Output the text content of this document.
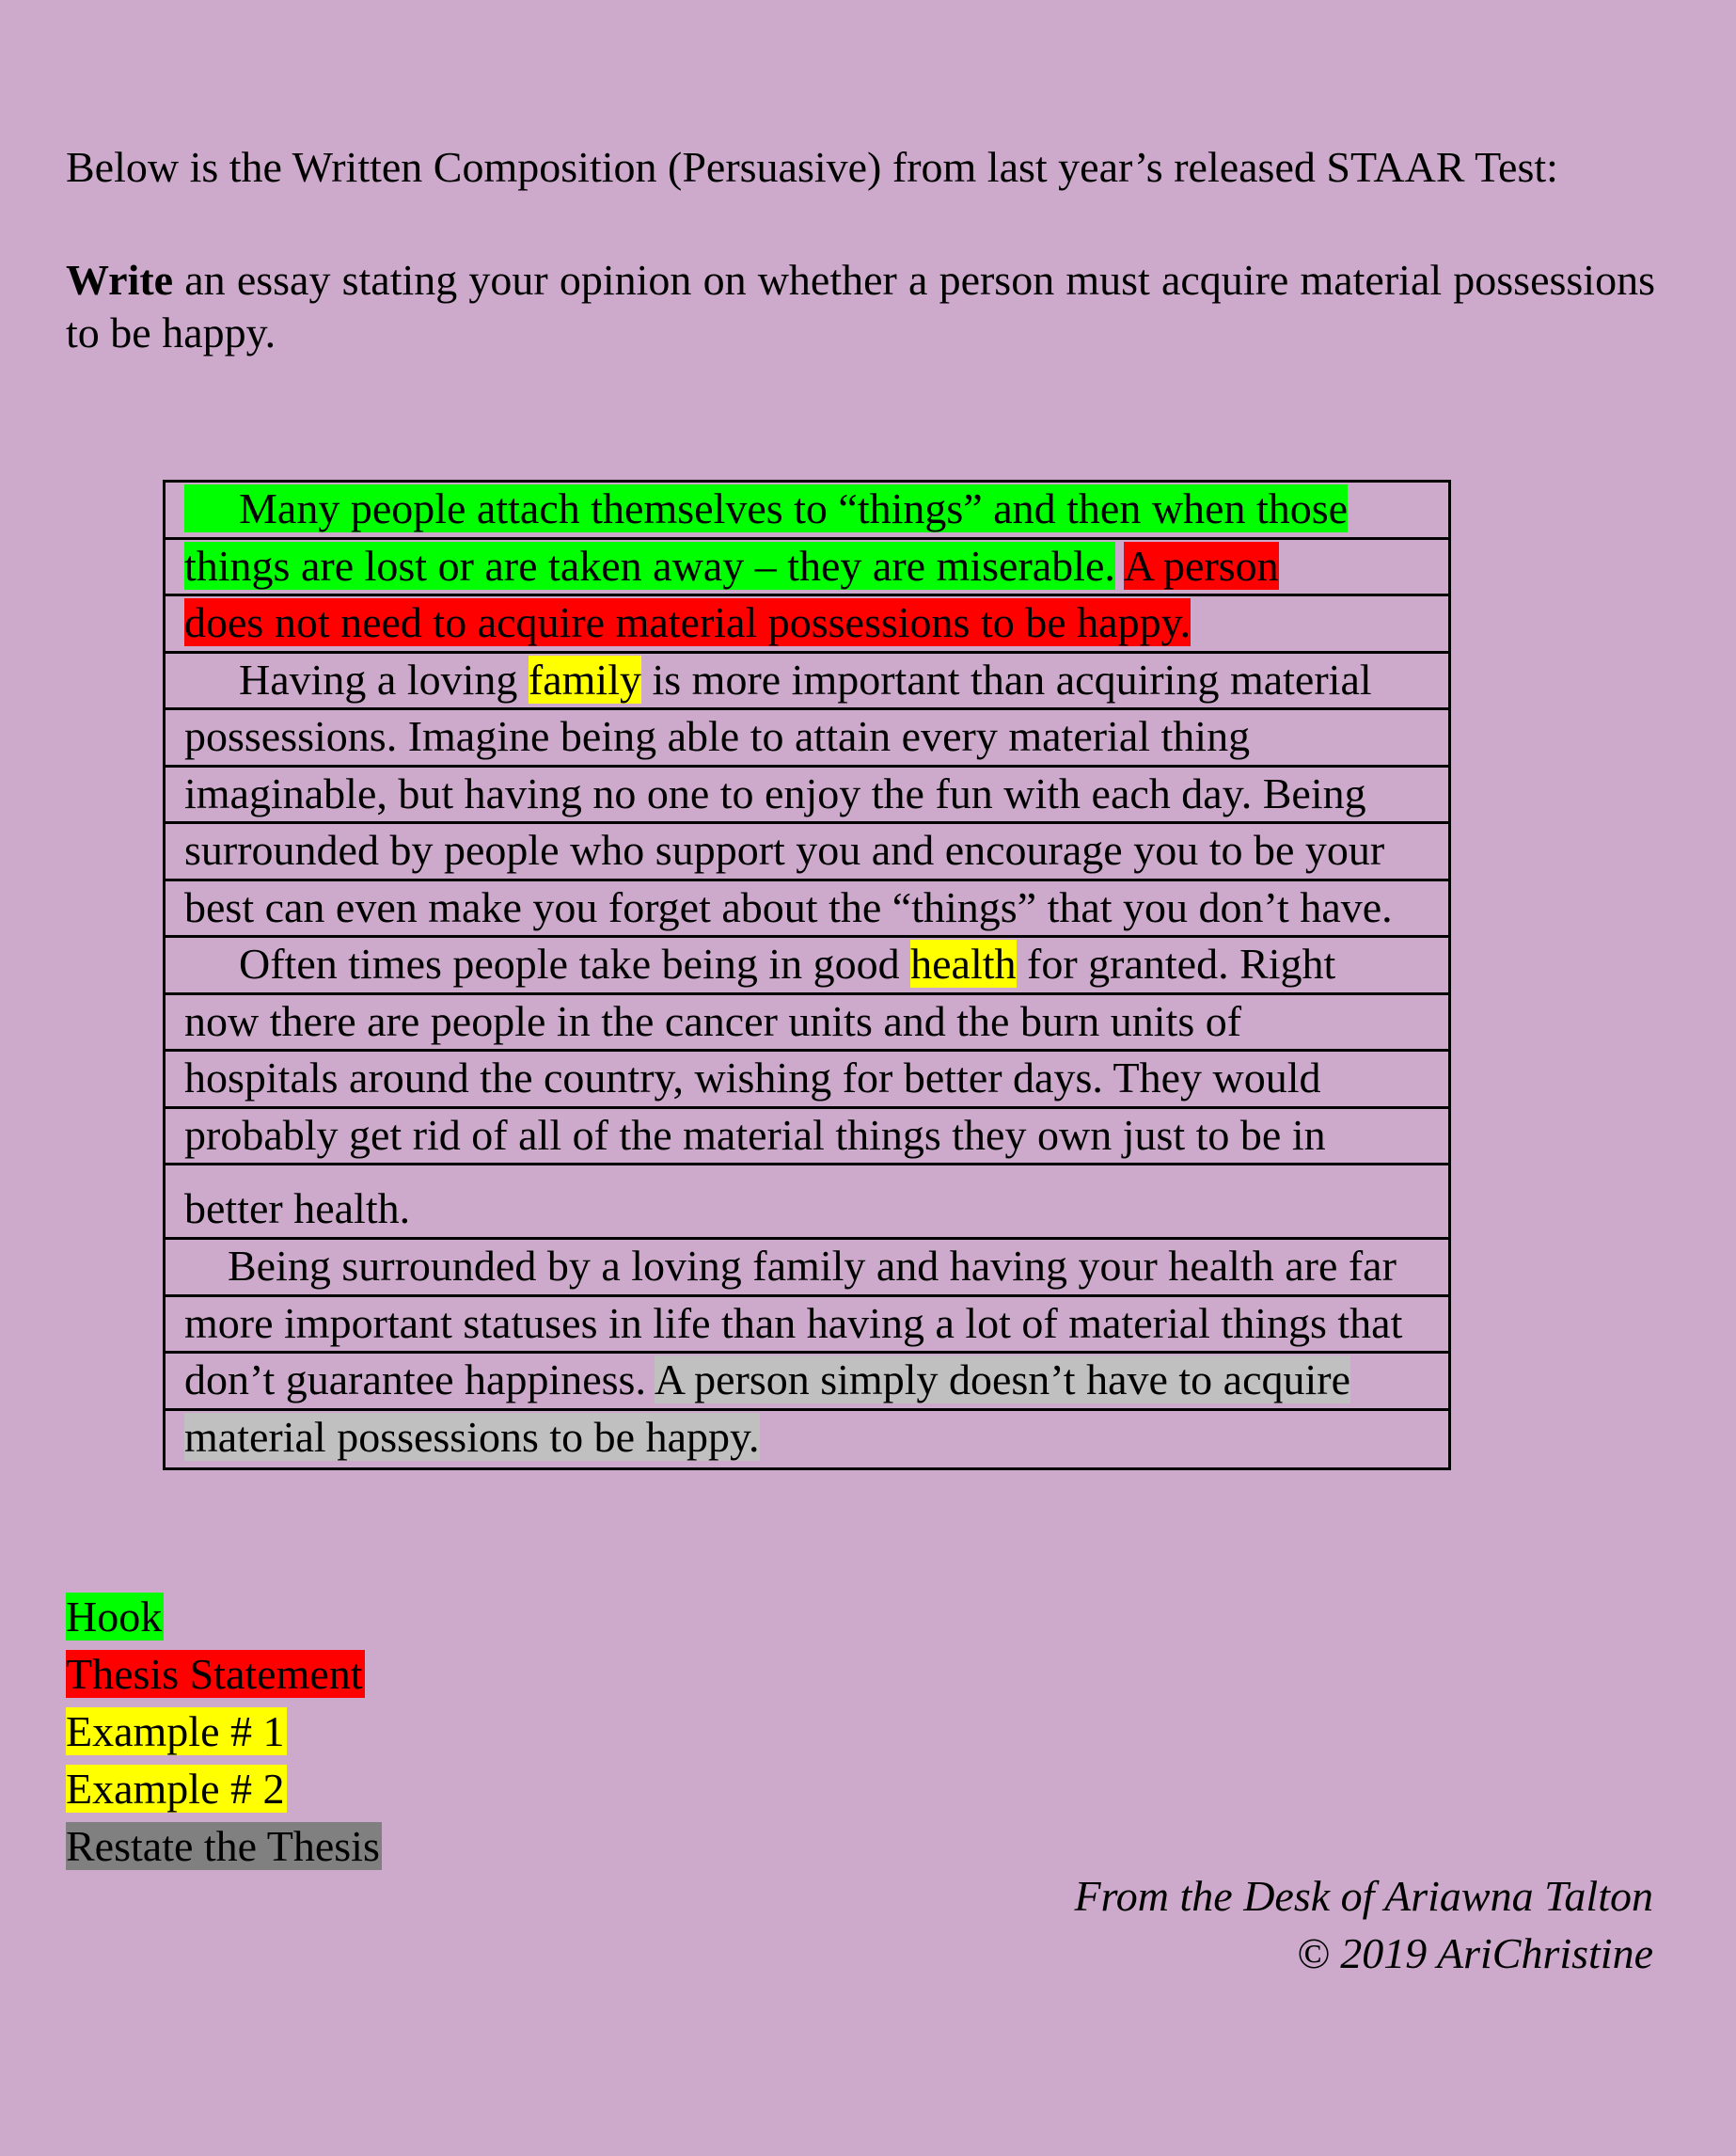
Below is the Written Composition (Persuasive) from last year’s released STAAR Test:

Write an essay stating your opinion on whether a person must acquire material possessions to be happy.

Many people attach themselves to “things” and then when those
things are lost or are taken away – they are miserable. A person
does not need to acquire material possessions to be happy.
Having a loving family is more important than acquiring material
possessions. Imagine being able to attain every material thing
imaginable, but having no one to enjoy the fun with each day. Being
surrounded by people who support you and encourage you to be your
best can even make you forget about the “things” that you don’t have.
Often times people take being in good health for granted. Right
now there are people in the cancer units and the burn units of
hospitals around the country, wishing for better days. They would
probably get rid of all of the material things they own just to be in
better health.
Being surrounded by a loving family and having your health are far
more important statuses in life than having a lot of material things that
don’t guarantee happiness. A person simply doesn’t have to acquire
material possessions to be happy.
Hook
Thesis Statement
Example # 1
Example # 2
Restate the Thesis
From the Desk of Ariawna Talton
© 2019 AriChristine
